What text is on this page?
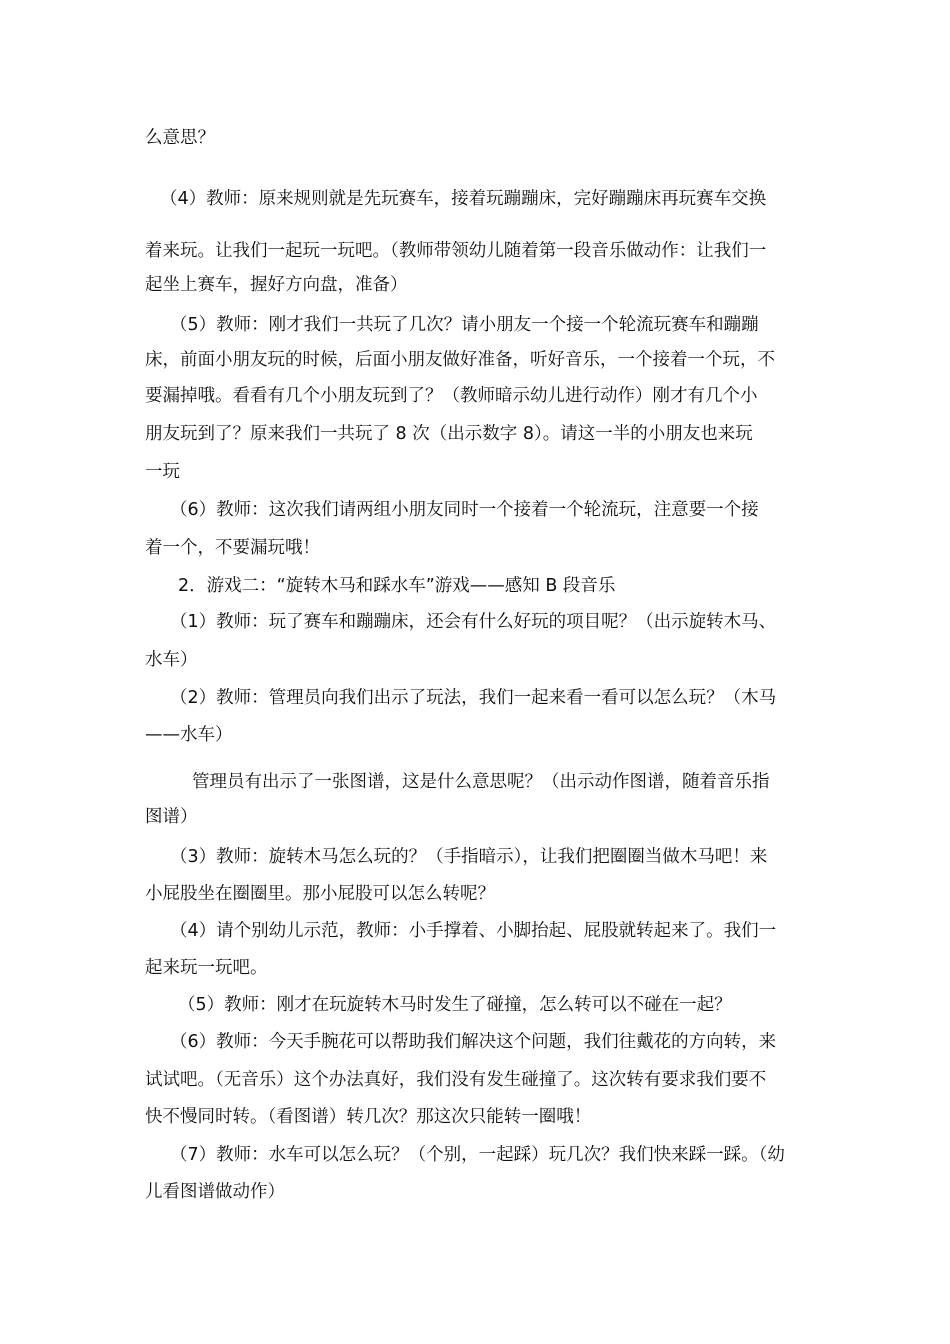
么意思？
（4）教师：原来规则就是先玩赛车，接着玩蹦蹦床，完好蹦蹦床再玩赛车交换
着来玩。让我们一起玩一玩吧。（教师带领幼儿随着第一段音乐做动作：让我们一
起坐上赛车，握好方向盘，准备）
（5）教师：刚才我们一共玩了几次？请小朋友一个接一个轮流玩赛车和蹦蹦
床，前面小朋友玩的时候，后面小朋友做好准备，听好音乐，一个接着一个玩，不
要漏掉哦。看看有几个小朋友玩到了？（教师暗示幼儿进行动作）刚才有几个小
朋友玩到了？原来我们一共玩了 8 次（出示数字 8）。请这一半的小朋友也来玩
一玩
（6）教师：这次我们请两组小朋友同时一个接着一个轮流玩，注意要一个接
着一个，不要漏玩哦！
2．游戏二：“旋转木马和踩水车”游戏——感知 B 段音乐
（1）教师：玩了赛车和蹦蹦床，还会有什么好玩的项目呢？（出示旋转木马、
水车）
（2）教师：管理员向我们出示了玩法，我们一起来看一看可以怎么玩？（木马
——水车）
管理员有出示了一张图谱，这是什么意思呢？（出示动作图谱，随着音乐指
图谱）
（3）教师：旋转木马怎么玩的？（手指暗示），让我们把圈圈当做木马吧！来
小屁股坐在圈圈里。那小屁股可以怎么转呢？
（4）请个别幼儿示范，教师：小手撑着、小脚抬起、屁股就转起来了。我们一
起来玩一玩吧。
（5）教师：刚才在玩旋转木马时发生了碰撞，怎么转可以不碰在一起？
（6）教师：今天手腕花可以帮助我们解决这个问题，我们往戴花的方向转，来
试试吧。（无音乐）这个办法真好，我们没有发生碰撞了。这次转有要求我们要不
快不慢同时转。（看图谱）转几次？那这次只能转一圈哦！
（7）教师：水车可以怎么玩？（个别，一起踩）玩几次？我们快来踩一踩。（幼
儿看图谱做动作）
